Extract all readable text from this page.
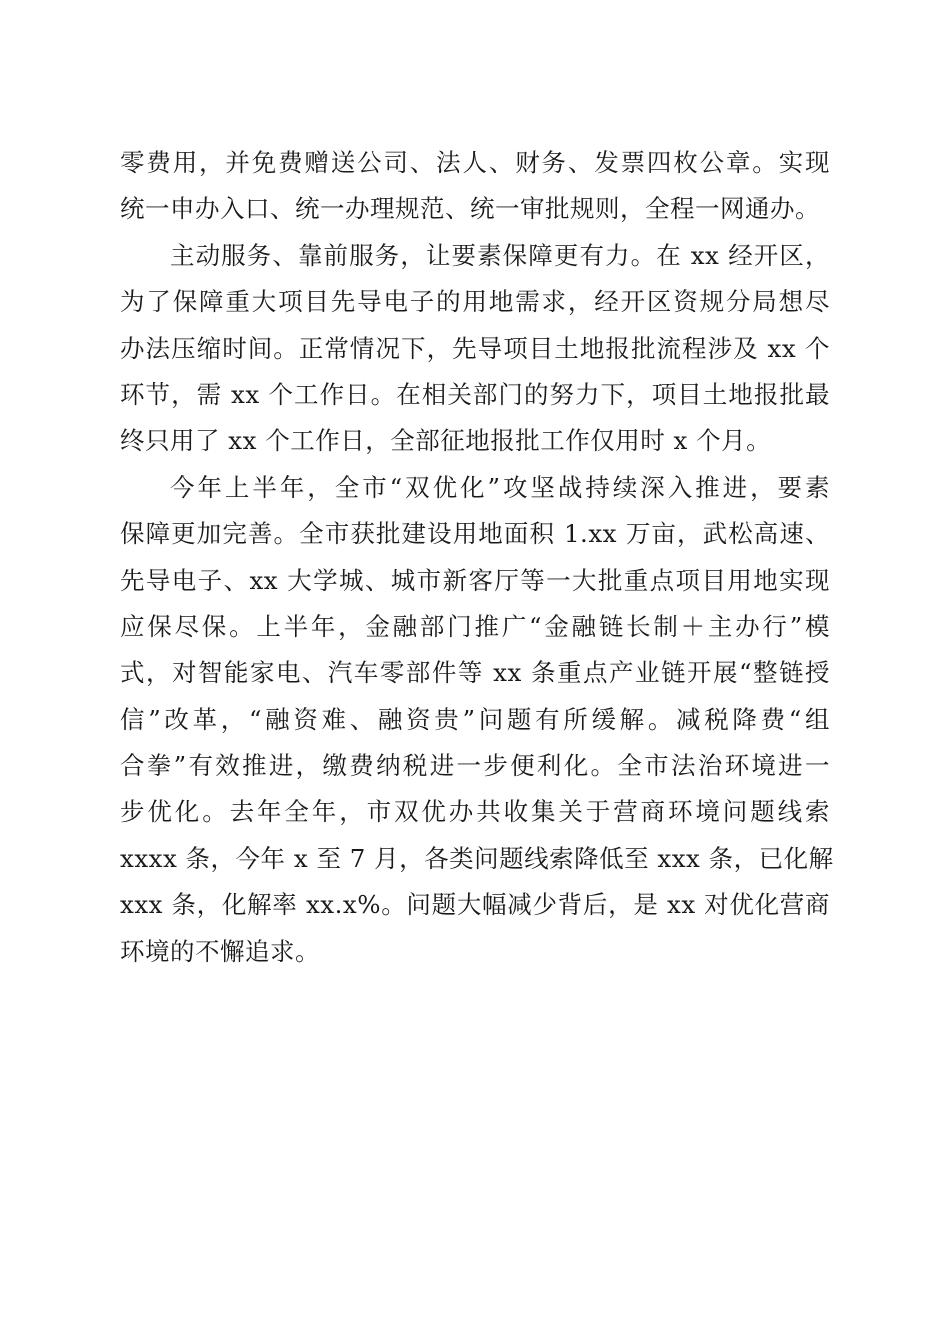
零费用，并免费赠送公司、法人、财务、发票四枚公章。实现
统一申办入口、统一办理规范、统一审批规则，全程一网通办。
主动服务、靠前服务，让要素保障更有力。在 xx 经开区，
为了保障重大项目先导电子的用地需求，经开区资规分局想尽
办法压缩时间。正常情况下，先导项目土地报批流程涉及 xx 个
环节，需 xx 个工作日。在相关部门的努力下，项目土地报批最
终只用了 xx 个工作日，全部征地报批工作仅用时 x 个月。
今年上半年，全市“双优化”攻坚战持续深入推进，要素
保障更加完善。全市获批建设用地面积 1.xx 万亩，武松高速、
先导电子、xx 大学城、城市新客厅等一大批重点项目用地实现
应保尽保。上半年，金融部门推广“金融链长制＋主办行”模
式，对智能家电、汽车零部件等 xx 条重点产业链开展“整链授
信”改革，“融资难、融资贵”问题有所缓解。减税降费“组
合拳”有效推进，缴费纳税进一步便利化。全市法治环境进一
步优化。去年全年，市双优办共收集关于营商环境问题线索
xxxx 条，今年 x 至 7 月，各类问题线索降低至 xxx 条，已化解
xxx 条，化解率 xx.x%。问题大幅减少背后，是 xx 对优化营商
环境的不懈追求。
